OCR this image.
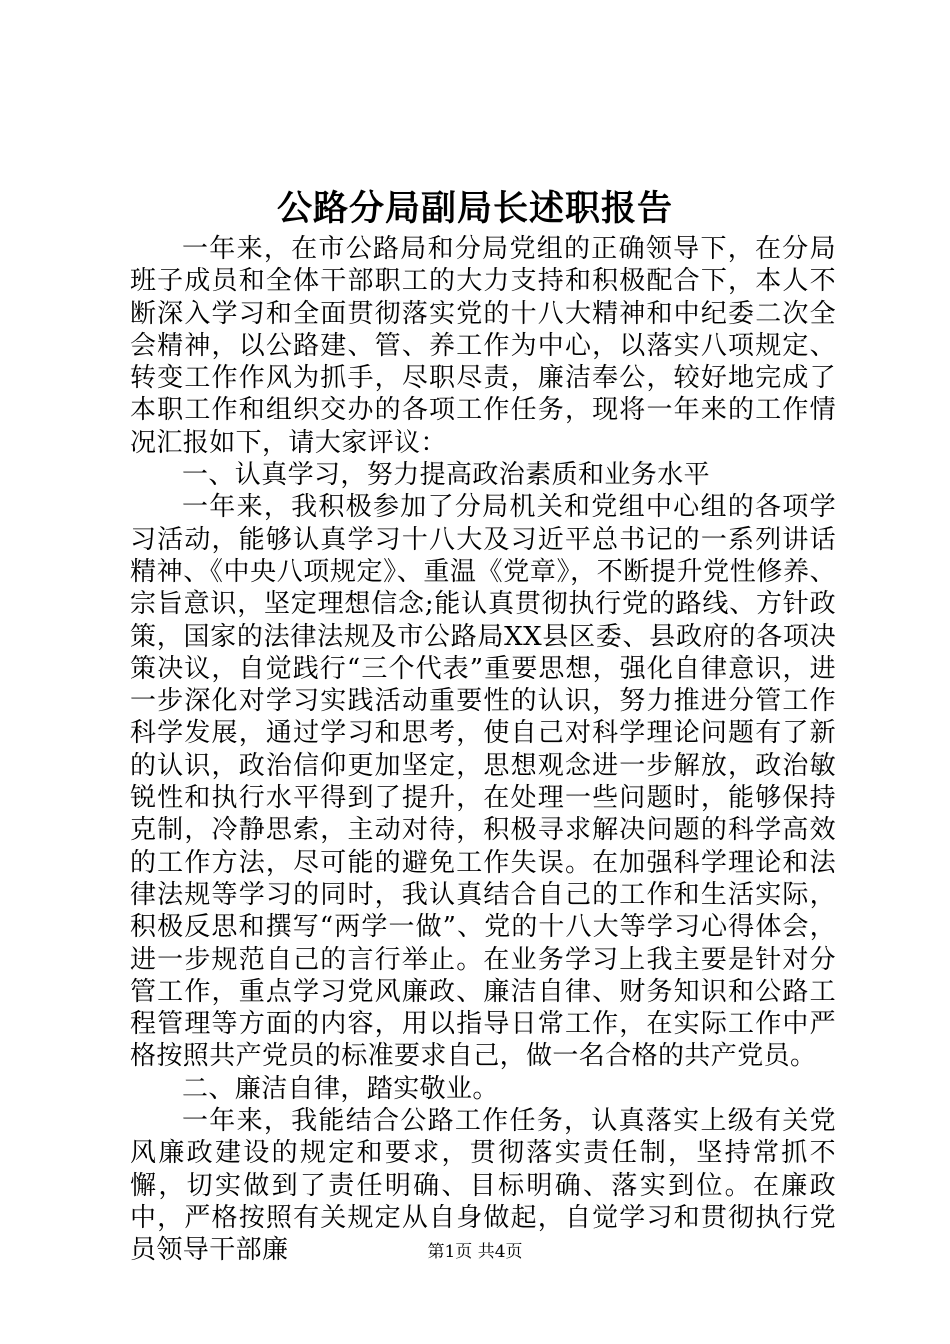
公路分局副局长述职报告

一年来，在市公路局和分局党组的正确领导下，在分局班子成员和全体干部职工的大力支持和积极配合下，本人不断深入学习和全面贯彻落实党的十八大精神和中纪委二次全会精神，以公路建、管、养工作为中心，以落实八项规定、转变工作作风为抓手，尽职尽责，廉洁奉公，较好地完成了本职工作和组织交办的各项工作任务，现将一年来的工作情况汇报如下，请大家评议：

一、认真学习，努力提高政治素质和业务水平

一年来，我积极参加了分局机关和党组中心组的各项学习活动，能够认真学习十八大及习近平总书记的一系列讲话精神、《中央八项规定》、重温《党章》，不断提升党性修养、宗旨意识，坚定理想信念;能认真贯彻执行党的路线、方针政策，国家的法律法规及市公路局XX县区委、县政府的各项决策决议，自觉践行“三个代表”重要思想，强化自律意识，进一步深化对学习实践活动重要性的认识，努力推进分管工作科学发展，通过学习和思考，使自己对科学理论问题有了新的认识，政治信仰更加坚定，思想观念进一步解放，政治敏锐性和执行水平得到了提升，在处理一些问题时，能够保持克制，冷静思索，主动对待，积极寻求解决问题的科学高效的工作方法，尽可能的避免工作失误。在加强科学理论和法律法规等学习的同时，我认真结合自己的工作和生活实际，积极反思和撰写“两学一做”、党的十八大等学习心得体会，进一步规范自己的言行举止。在业务学习上我主要是针对分管工作，重点学习党风廉政、廉洁自律、财务知识和公路工程管理等方面的内容，用以指导日常工作，在实际工作中严格按照共产党员的标准要求自己，做一名合格的共产党员。

二、廉洁自律，踏实敬业。

一年来，我能结合公路工作任务，认真落实上级有关党风廉政建设的规定和要求，贯彻落实责任制，坚持常抓不懈，切实做到了责任明确、目标明确、落实到位。在廉政中，严格按照有关规定从自身做起，自觉学习和贯彻执行党员领导干部廉	第1页 共4页
